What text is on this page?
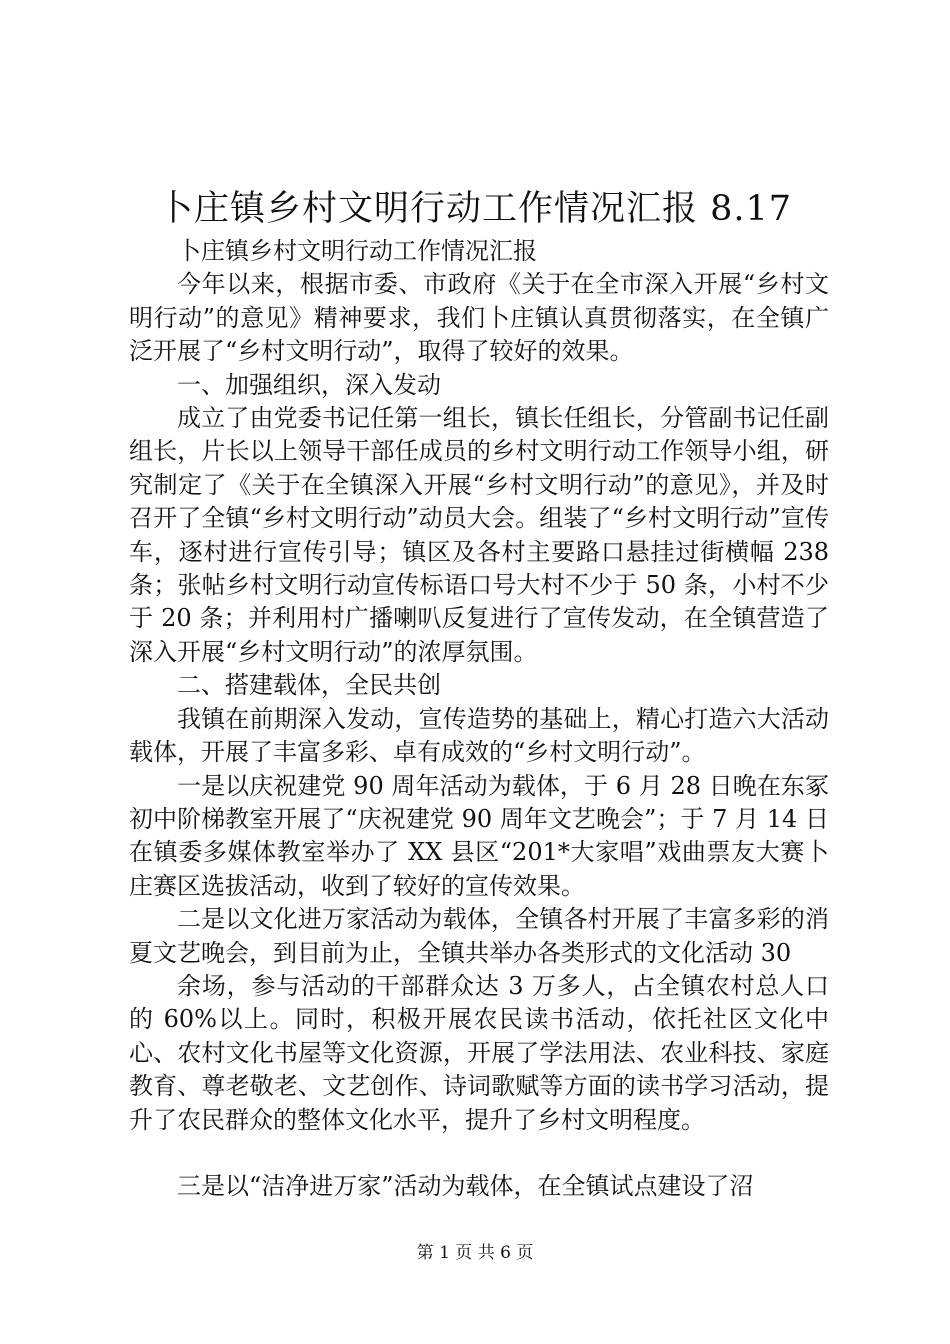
卜庄镇乡村文明行动工作情况汇报 8.17

卜庄镇乡村文明行动工作情况汇报

今年以来，根据市委、市政府《关于在全市深入开展“乡村文明行动”的意见》精神要求，我们卜庄镇认真贯彻落实，在全镇广泛开展了“乡村文明行动”，取得了较好的效果。

一、加强组织，深入发动

成立了由党委书记任第一组长，镇长任组长，分管副书记任副组长，片长以上领导干部任成员的乡村文明行动工作领导小组，研究制定了《关于在全镇深入开展“乡村文明行动”的意见》，并及时召开了全镇“乡村文明行动”动员大会。组装了“乡村文明行动”宣传车，逐村进行宣传引导；镇区及各村主要路口悬挂过街横幅 238 条；张帖乡村文明行动宣传标语口号大村不少于 50 条，小村不少于 20 条；并利用村广播喇叭反复进行了宣传发动，在全镇营造了深入开展“乡村文明行动”的浓厚氛围。

二、搭建载体，全民共创

我镇在前期深入发动，宣传造势的基础上，精心打造六大活动载体，开展了丰富多彩、卓有成效的“乡村文明行动”。

一是以庆祝建党 90 周年活动为载体，于 6 月 28 日晚在东冢初中阶梯教室开展了“庆祝建党 90 周年文艺晚会”；于 7 月 14 日在镇委多媒体教室举办了 XX 县区“201*大家唱”戏曲票友大赛卜庄赛区选拔活动，收到了较好的宣传效果。

二是以文化进万家活动为载体，全镇各村开展了丰富多彩的消夏文艺晚会，到目前为止，全镇共举办各类形式的文化活动 30

余场，参与活动的干部群众达 3 万多人，占全镇农村总人口的 60%以上。同时，积极开展农民读书活动，依托社区文化中心、农村文化书屋等文化资源，开展了学法用法、农业科技、家庭教育、尊老敬老、文艺创作、诗词歌赋等方面的读书学习活动，提升了农民群众的整体文化水平，提升了乡村文明程度。

三是以“洁净进万家”活动为载体，在全镇试点建设了沼

第 1 页 共 6 页
